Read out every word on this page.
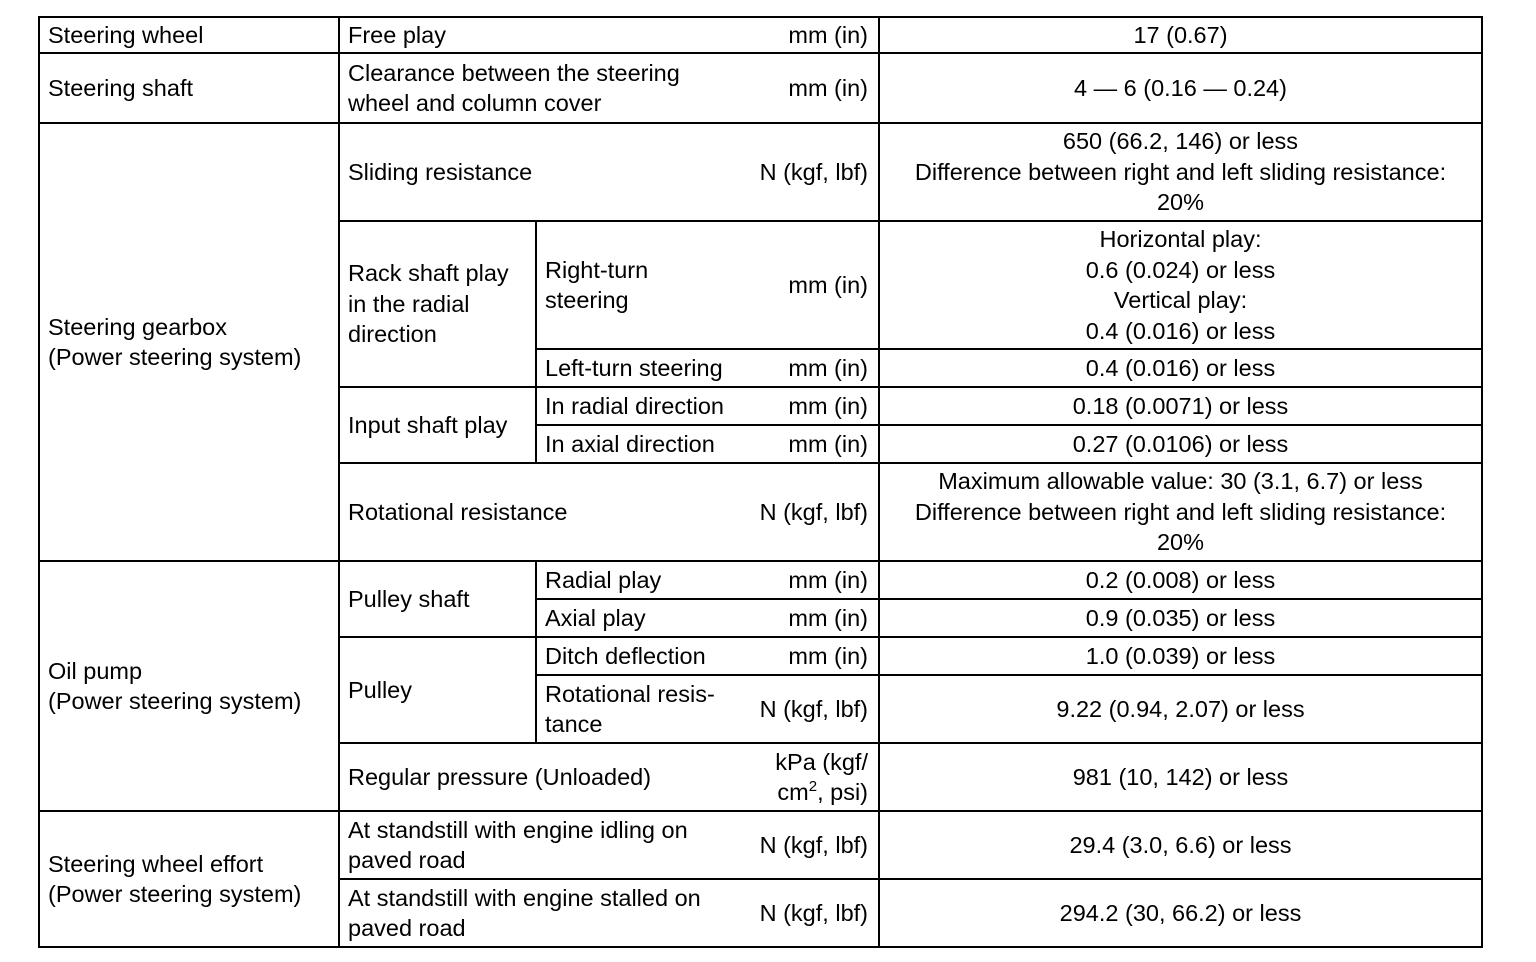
Steering wheel	Free play		mm (in)	17 (0.67)
Steering shaft	Clearance between the steering
wheel and column cover		mm (in)	4 — 6 (0.16 — 0.24)
Steering gearbox
(Power steering system)	Sliding resistance		N (kgf, lbf)	650 (66.2, 146) or less
Difference between right and left sliding resistance:
20%
	Rack shaft play
in the radial
direction	Right-turn
steering	mm (in)	Horizontal play:
0.6 (0.024) or less
Vertical play:
0.4 (0.016) or less
		Left-turn steering	mm (in)	0.4 (0.016) or less
	Input shaft play	In radial direction	mm (in)	0.18 (0.0071) or less
		In axial direction	mm (in)	0.27 (0.0106) or less
	Rotational resistance		N (kgf, lbf)	Maximum allowable value: 30 (3.1, 6.7) or less
Difference between right and left sliding resistance:
20%
Oil pump
(Power steering system)	Pulley shaft	Radial play	mm (in)	0.2 (0.008) or less
		Axial play	mm (in)	0.9 (0.035) or less
	Pulley	Ditch deflection	mm (in)	1.0 (0.039) or less
		Rotational resis-
tance	N (kgf, lbf)	9.22 (0.94, 2.07) or less
	Regular pressure (Unloaded)		kPa (kgf/
$cm^2$, psi)	981 (10, 142) or less
Steering wheel effort
(Power steering system)	At standstill with engine idling on
paved road		N (kgf, lbf)	29.4 (3.0, 6.6) or less
	At standstill with engine stalled on
paved road		N (kgf, lbf)	294.2 (30, 66.2) or less
